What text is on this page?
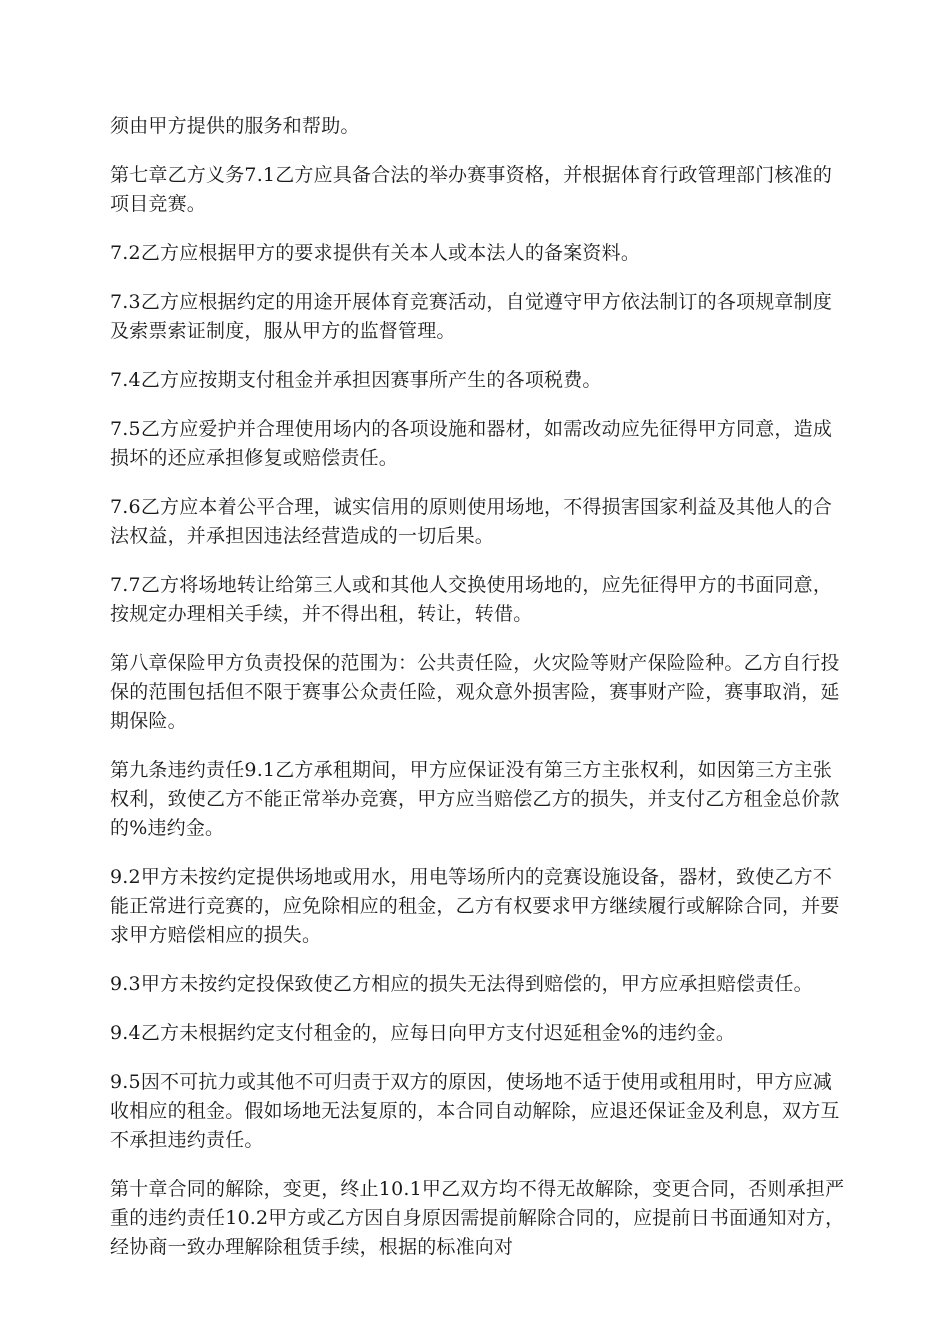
须由甲方提供的服务和帮助。

第七章乙方义务7.1乙方应具备合法的举办赛事资格，并根据体育行政管理部门核准的项目竞赛。

7.2乙方应根据甲方的要求提供有关本人或本法人的备案资料。

7.3乙方应根据约定的用途开展体育竞赛活动，自觉遵守甲方依法制订的各项规章制度及索票索证制度，服从甲方的监督管理。

7.4乙方应按期支付租金并承担因赛事所产生的各项税费。

7.5乙方应爱护并合理使用场内的各项设施和器材，如需改动应先征得甲方同意，造成损坏的还应承担修复或赔偿责任。

7.6乙方应本着公平合理，诚实信用的原则使用场地，不得损害国家利益及其他人的合法权益，并承担因违法经营造成的一切后果。

7.7乙方将场地转让给第三人或和其他人交换使用场地的，应先征得甲方的书面同意，按规定办理相关手续，并不得出租，转让，转借。

第八章保险甲方负责投保的范围为：公共责任险，火灾险等财产保险险种。乙方自行投保的范围包括但不限于赛事公众责任险，观众意外损害险，赛事财产险，赛事取消，延期保险。

第九条违约责任9.1乙方承租期间，甲方应保证没有第三方主张权利，如因第三方主张权利，致使乙方不能正常举办竞赛，甲方应当赔偿乙方的损失，并支付乙方租金总价款的%违约金。

9.2甲方未按约定提供场地或用水，用电等场所内的竞赛设施设备，器材，致使乙方不能正常进行竞赛的，应免除相应的租金，乙方有权要求甲方继续履行或解除合同，并要求甲方赔偿相应的损失。

9.3甲方未按约定投保致使乙方相应的损失无法得到赔偿的，甲方应承担赔偿责任。

9.4乙方未根据约定支付租金的，应每日向甲方支付迟延租金%的违约金。

9.5因不可抗力或其他不可归责于双方的原因，使场地不适于使用或租用时，甲方应减收相应的租金。假如场地无法复原的，本合同自动解除，应退还保证金及利息，双方互不承担违约责任。

第十章合同的解除，变更，终止10.1甲乙双方均不得无故解除，变更合同，否则承担严重的违约责任10.2甲方或乙方因自身原因需提前解除合同的，应提前日书面通知对方，经协商一致办理解除租赁手续，根据的标准向对
